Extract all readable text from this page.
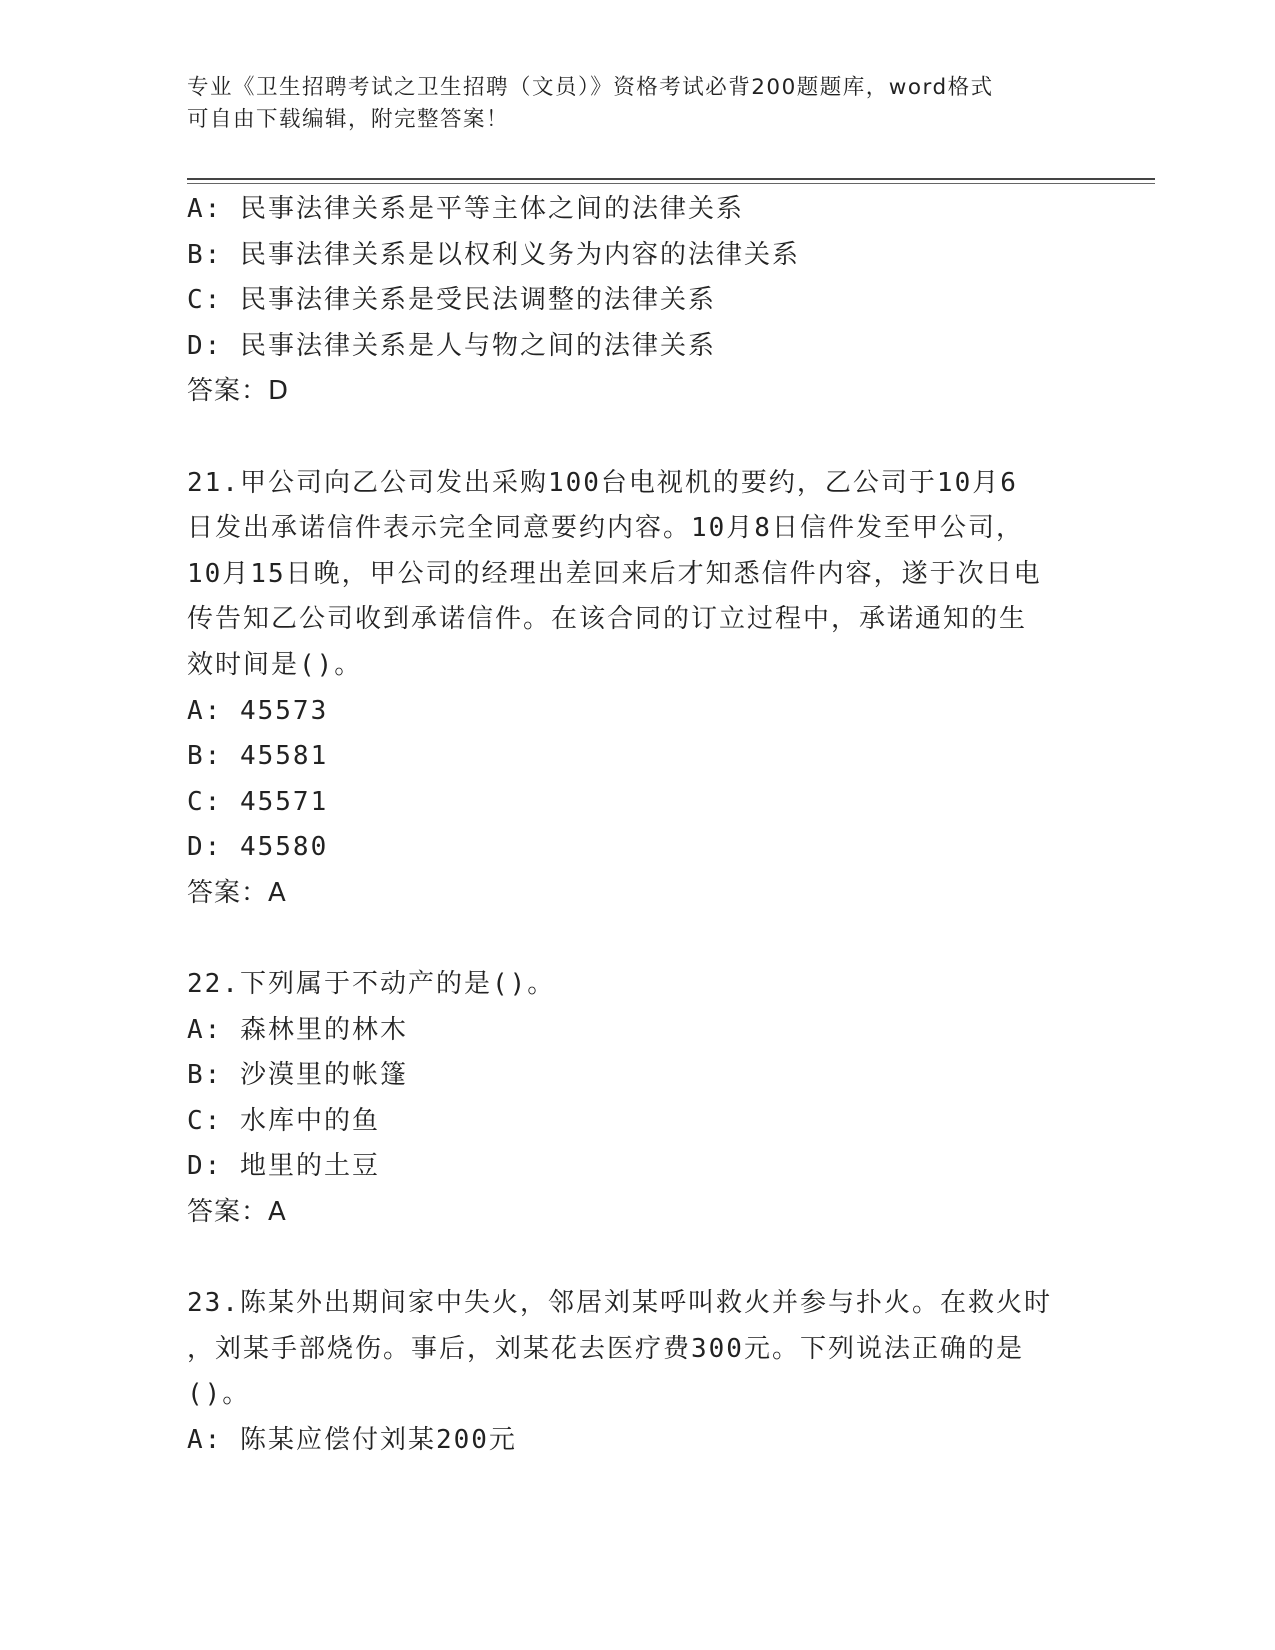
专业《卫生招聘考试之卫生招聘（文员）》资格考试必背200题题库，word格式
可自由下载编辑，附完整答案！
A: 民事法律关系是平等主体之间的法律关系
B: 民事法律关系是以权利义务为内容的法律关系
C: 民事法律关系是受民法调整的法律关系
D: 民事法律关系是人与物之间的法律关系
答案：D
21.甲公司向乙公司发出采购100台电视机的要约，乙公司于10月6
日发出承诺信件表示完全同意要约内容。10月8日信件发至甲公司，
10月15日晚，甲公司的经理出差回来后才知悉信件内容，遂于次日电
传告知乙公司收到承诺信件。在该合同的订立过程中，承诺通知的生
效时间是()。
A: 45573
B: 45581
C: 45571
D: 45580
答案：A
22.下列属于不动产的是()。
A: 森林里的林木
B: 沙漠里的帐篷
C: 水库中的鱼
D: 地里的土豆
答案：A
23.陈某外出期间家中失火，邻居刘某呼叫救火并参与扑火。在救火时
，刘某手部烧伤。事后，刘某花去医疗费300元。下列说法正确的是
()。
A: 陈某应偿付刘某200元
